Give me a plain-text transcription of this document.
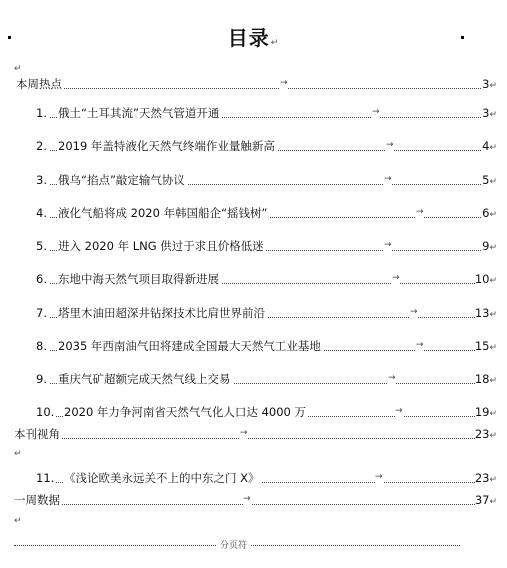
目录↵
↵
本周热点	→	3↵
1. 俄土“土耳其流”天然气管道开通	→	3↵
2. 2019 年盖特液化天然气终端作业量触新高	→	4↵
3. 俄乌“掐点”敲定输气协议	→	5↵
4. 液化气船将成 2020 年韩国船企“摇钱树”	→	6↵
5. 进入 2020 年 LNG 供过于求且价格低迷	→	9↵
6. 东地中海天然气项目取得新进展	→	10↵
7. 塔里木油田超深井钻探技术比肩世界前沿	→	13↵
8. 2035 年西南油气田将建成全国最大天然气工业基地	→	15↵
9. 重庆气矿超额完成天然气线上交易	→	18↵
10. 2020 年力争河南省天然气气化人口达 4000 万	→	19↵
本刊视角	→	23↵
11. 《浅论欧美永远关不上的中东之门 X》	→	23↵
一周数据	→	37↵
↵
↵
分页符
